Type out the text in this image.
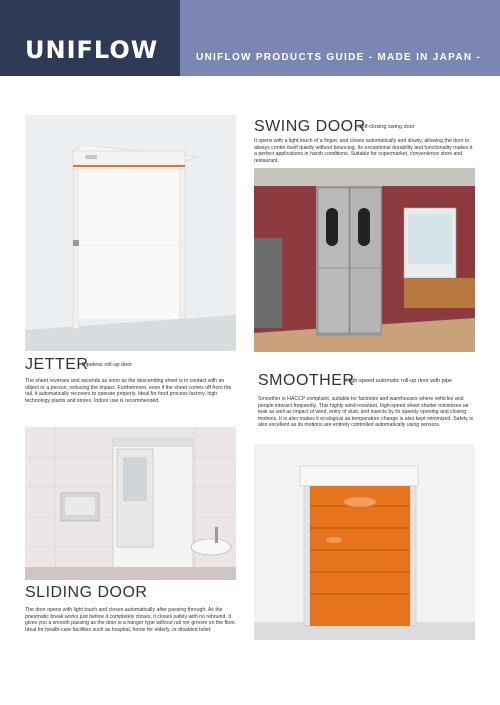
UNIFLOW	UNIFLOW PRODUCTS GUIDE - MADE IN JAPAN -
SWING DOOR
Self-closing swing door
It opens with a light touch of a finger, and closes automatically and slowly, allowing the door to always center itself quietly without bouncing. Its exceptional durability and functionality makes it a perfect applications in harsh conditions. Suitable for supermarket, convenience store and restaurant.
JETTER
Pipeless roll-up door
The sheet reverses and ascends as soon as the descending sheet is in contact with an object or a person, reducing the impact. Furthermore, even if the sheet comes off from the rail, it automatically recovers to operate properly. Ideal for food process factory, high technology plants and stores. Indoor use is recommended.
SMOOTHER
High-speed automatic roll-up door with pipe
Smoother is HACCP compliant, suitable for factories and warehouses where vehicles and people interact frequently. This highly wind-resistant, high-speed sheet shutter minimizes air leak as well as impact of wind, entry of dust, and insects by its speedy opening and closing motions. It is also makes it ecological as temperature change is also kept minimized. Safety is also excellent as its motions are entirely controlled automatically using sensors.
SLIDING DOOR
The door opens with light touch and closes automatically after passing through. As the pneumatic break works just before it completely closes, it closes safely with no rebound. It gives you a smooth passing as the door is a hanger type without rail nor groove on the floor. Ideal for health-care facilities such as hospital, home for elderly, or disabled toilet.
